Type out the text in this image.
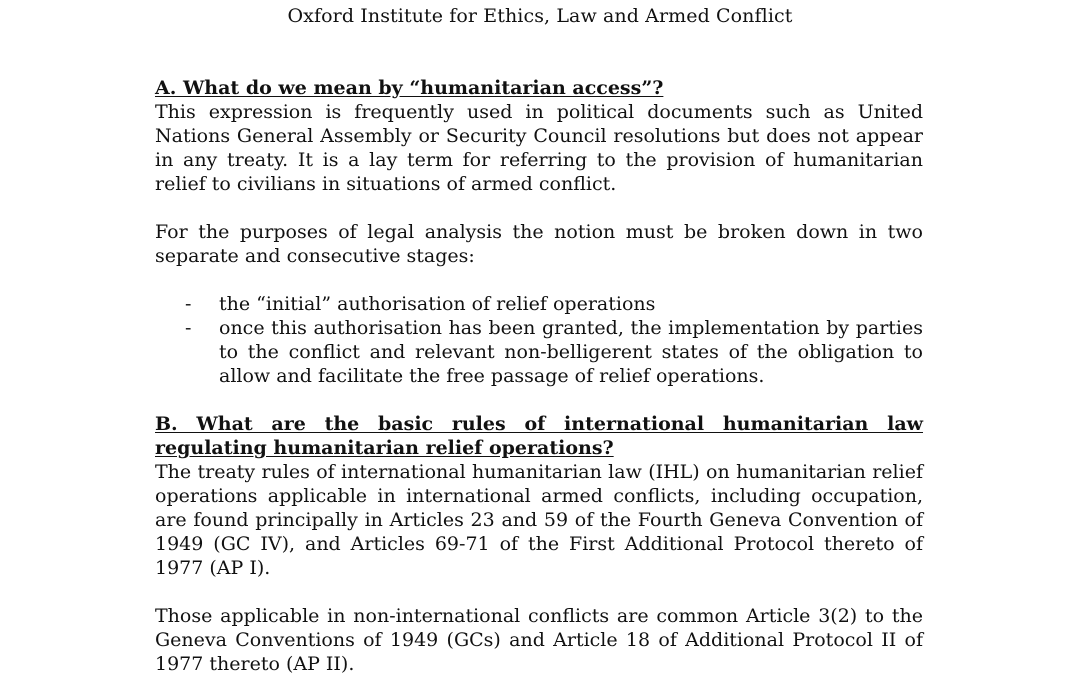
Oxford Institute for Ethics, Law and Armed Conflict

A. What do we mean by “humanitarian access”?

This expression is frequently used in political documents such as United Nations General Assembly or Security Council resolutions but does not appear in any treaty. It is a lay term for referring to the provision of humanitarian relief to civilians in situations of armed conflict.

For the purposes of legal analysis the notion must be broken down in two separate and consecutive stages:

- the “initial” authorisation of relief operations
- once this authorisation has been granted, the implementation by parties to the conflict and relevant non-belligerent states of the obligation to allow and facilitate the free passage of relief operations.

B. What are the basic rules of international humanitarian law regulating humanitarian relief operations?

The treaty rules of international humanitarian law (IHL) on humanitarian relief operations applicable in international armed conflicts, including occupation, are found principally in Articles 23 and 59 of the Fourth Geneva Convention of 1949 (GC IV), and Articles 69-71 of the First Additional Protocol thereto of 1977 (AP I).

Those applicable in non-international conflicts are common Article 3(2) to the Geneva Conventions of 1949 (GCs) and Article 18 of Additional Protocol II of 1977 thereto (AP II).
